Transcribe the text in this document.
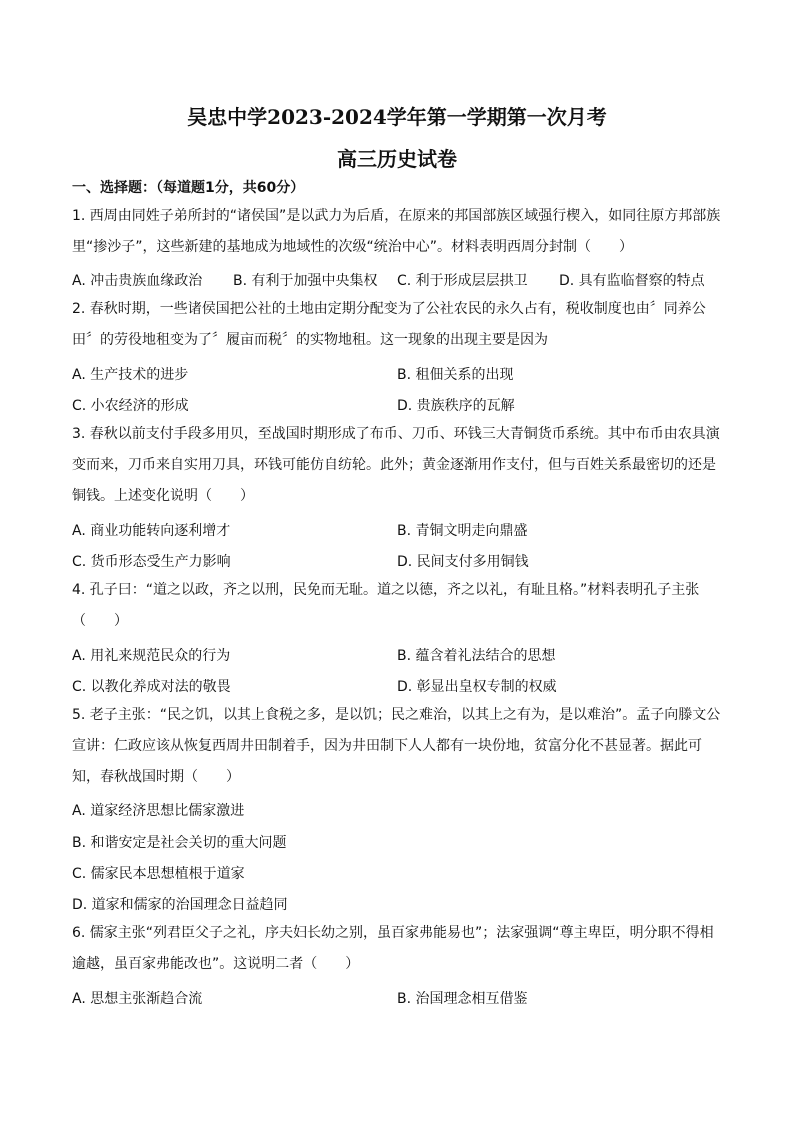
吴忠中学2023-2024学年第一学期第一次月考
高三历史试卷
一、选择题：（每道题1分，共60分）
1. 西周由同姓子弟所封的“诸侯国”是以武力为后盾，在原来的邦国部族区域强行楔入，如同往原方邦部族里“掺沙子”，这些新建的基地成为地域性的次级“统治中心”。材料表明西周分封制（　　）
A. 冲击贵族血缘政治 B. 有利于加强中央集权 C. 利于形成层层拱卫 D. 具有监临督察的特点
2. 春秋时期，一些诸侯国把公社的土地由定期分配变为了公社农民的永久占有，税收制度也由〞同养公田〞的劳役地租变为了〞履亩而税〞的实物地租。这一现象的出现主要是因为
A. 生产技术的进步	B. 租佃关系的出现
C. 小农经济的形成	D. 贵族秩序的瓦解
3. 春秋以前支付手段多用贝，至战国时期形成了布币、刀币、环钱三大青铜货币系统。其中布币由农具演变而来，刀币来自实用刀具，环钱可能仿自纺轮。此外；黄金逐渐用作支付，但与百姓关系最密切的还是铜钱。上述变化说明（　　）
A. 商业功能转向逐利增才	B. 青铜文明走向鼎盛
C. 货币形态受生产力影响	D. 民间支付多用铜钱
4. 孔子曰：“道之以政，齐之以刑，民免而无耻。道之以德，齐之以礼，有耻且格。”材料表明孔子主张（　　）
A. 用礼来规范民众的行为	B. 蕴含着礼法结合的思想
C. 以教化养成对法的敬畏	D. 彰显出皇权专制的权威
5. 老子主张：“民之饥，以其上食税之多，是以饥；民之难治，以其上之有为，是以难治”。孟子向滕文公宣讲：仁政应该从恢复西周井田制着手，因为井田制下人人都有一块份地，贫富分化不甚显著。据此可知，春秋战国时期（　　）
A. 道家经济思想比儒家激进
B. 和谐安定是社会关切的重大问题
C. 儒家民本思想植根于道家
D. 道家和儒家的治国理念日益趋同
6. 儒家主张“列君臣父子之礼，序夫妇长幼之别，虽百家弗能易也”；法家强调“尊主卑臣，明分职不得相逾越，虽百家弗能改也”。这说明二者（　　）
A. 思想主张渐趋合流	B. 治国理念相互借鉴
